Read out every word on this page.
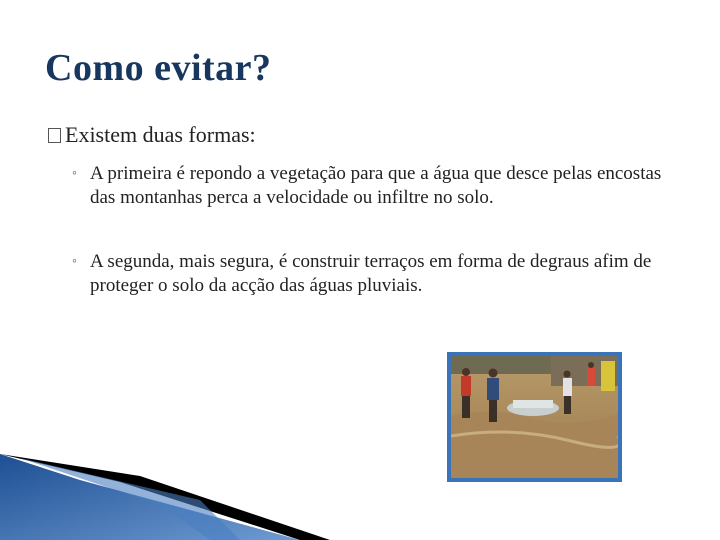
Como evitar?
Existem duas formas:
◦ A primeira é repondo a vegetação para que a água que desce pelas encostas das montanhas perca a velocidade ou infiltre no solo.
◦ A segunda, mais segura, é construir terraços em forma de degraus afim de proteger o solo da acção das águas pluviais.
